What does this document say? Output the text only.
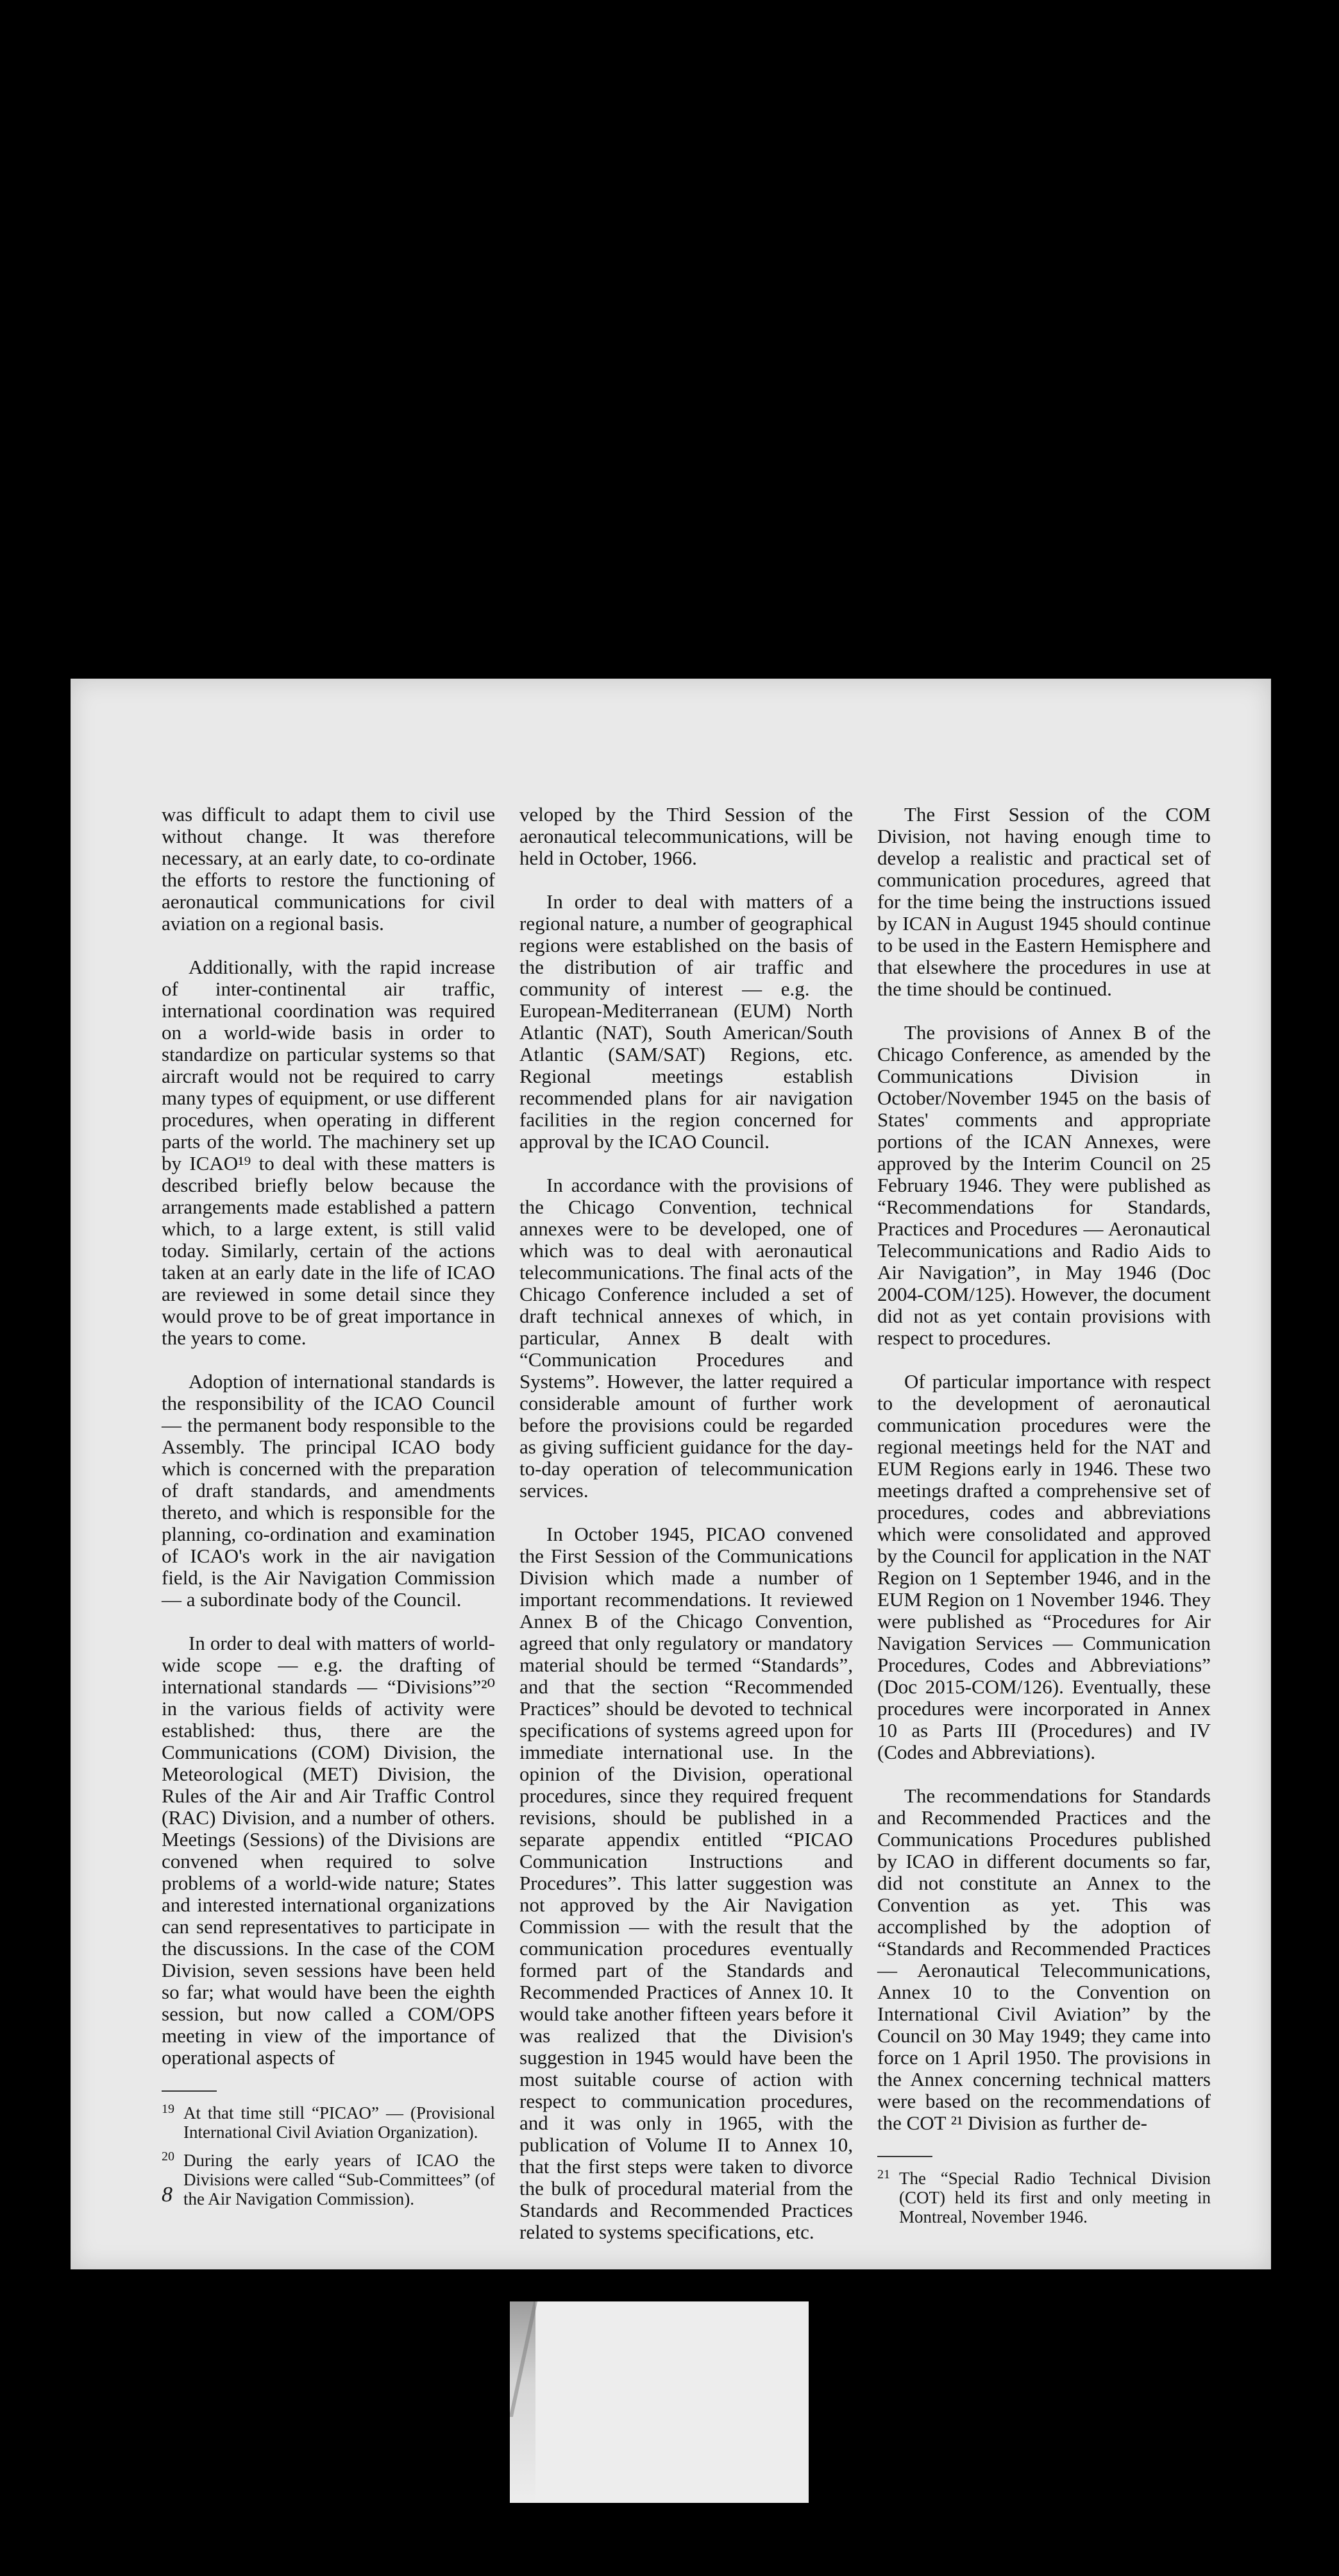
was difficult to adapt them to civil use without change. It was therefore necessary, at an early date, to co-ordinate the efforts to restore the functioning of aeronautical communications for civil aviation on a regional basis.

Additionally, with the rapid increase of inter-continental air traffic, international coordination was required on a world-wide basis in order to standardize on particular systems so that aircraft would not be required to carry many types of equipment, or use different procedures, when operating in different parts of the world. The machinery set up by ICAO¹⁹ to deal with these matters is described briefly below because the arrangements made established a pattern which, to a large extent, is still valid today. Similarly, certain of the actions taken at an early date in the life of ICAO are reviewed in some detail since they would prove to be of great importance in the years to come.

Adoption of international standards is the responsibility of the ICAO Council — the permanent body responsible to the Assembly. The principal ICAO body which is concerned with the preparation of draft standards, and amendments thereto, and which is responsible for the planning, co-ordination and examination of ICAO's work in the air navigation field, is the Air Navigation Commission — a subordinate body of the Council.

In order to deal with matters of world-wide scope — e.g. the drafting of international standards — “Divisions”²⁰ in the various fields of activity were established: thus, there are the Communications (COM) Division, the Meteorological (MET) Division, the Rules of the Air and Air Traffic Control (RAC) Division, and a number of others. Meetings (Sessions) of the Divisions are convened when required to solve problems of a world-wide nature; States and interested international organizations can send representatives to participate in the discussions. In the case of the COM Division, seven sessions have been held so far; what would have been the eighth session, but now called a COM/OPS meeting in view of the importance of operational aspects of

19 At that time still “PICAO” — (Provisional International Civil Aviation Organization).

20 During the early years of ICAO the Divisions were called “Sub-Committees” (of the Air Navigation Commission).

veloped by the Third Session of the aeronautical telecommunications, will be held in October, 1966.

In order to deal with matters of a regional nature, a number of geographical regions were established on the basis of the distribution of air traffic and community of interest — e.g. the European-Mediterranean (EUM) North Atlantic (NAT), South American/South Atlantic (SAM/SAT) Regions, etc. Regional meetings establish recommended plans for air navigation facilities in the region concerned for approval by the ICAO Council.

In accordance with the provisions of the Chicago Convention, technical annexes were to be developed, one of which was to deal with aeronautical telecommunications. The final acts of the Chicago Conference included a set of draft technical annexes of which, in particular, Annex B dealt with “Communication Procedures and Systems”. However, the latter required a considerable amount of further work before the provisions could be regarded as giving sufficient guidance for the day-to-day operation of telecommunication services.

In October 1945, PICAO convened the First Session of the Communications Division which made a number of important recommendations. It reviewed Annex B of the Chicago Convention, agreed that only regulatory or mandatory material should be termed “Standards”, and that the section “Recommended Practices” should be devoted to technical specifications of systems agreed upon for immediate international use. In the opinion of the Division, operational procedures, since they required frequent revisions, should be published in a separate appendix entitled “PICAO Communication Instructions and Procedures”. This latter suggestion was not approved by the Air Navigation Commission — with the result that the communication procedures eventually formed part of the Standards and Recommended Practices of Annex 10. It would take another fifteen years before it was realized that the Division's suggestion in 1945 would have been the most suitable course of action with respect to communication procedures, and it was only in 1965, with the publication of Volume II to Annex 10, that the first steps were taken to divorce the bulk of procedural material from the Standards and Recommended Practices related to systems specifications, etc.

The First Session of the COM Division, not having enough time to develop a realistic and practical set of communication procedures, agreed that for the time being the instructions issued by ICAN in August 1945 should continue to be used in the Eastern Hemisphere and that elsewhere the procedures in use at the time should be continued.

The provisions of Annex B of the Chicago Conference, as amended by the Communications Division in October/November 1945 on the basis of States' comments and appropriate portions of the ICAN Annexes, were approved by the Interim Council on 25 February 1946. They were published as “Recommendations for Standards, Practices and Procedures — Aeronautical Telecommunications and Radio Aids to Air Navigation”, in May 1946 (Doc 2004-COM/125). However, the document did not as yet contain provisions with respect to procedures.

Of particular importance with respect to the development of aeronautical communication procedures were the regional meetings held for the NAT and EUM Regions early in 1946. These two meetings drafted a comprehensive set of procedures, codes and abbreviations which were consolidated and approved by the Council for application in the NAT Region on 1 September 1946, and in the EUM Region on 1 November 1946. They were published as “Procedures for Air Navigation Services — Communication Procedures, Codes and Abbreviations” (Doc 2015-COM/126). Eventually, these procedures were incorporated in Annex 10 as Parts III (Procedures) and IV (Codes and Abbreviations).

The recommendations for Standards and Recommended Practices and the Communications Procedures published by ICAO in different documents so far, did not constitute an Annex to the Convention as yet. This was accomplished by the adoption of “Standards and Recommended Practices — Aeronautical Telecommunications, Annex 10 to the Convention on International Civil Aviation” by the Council on 30 May 1949; they came into force on 1 April 1950. The provisions in the Annex concerning technical matters were based on the recommendations of the COT ²¹ Division as further de-

21 The “Special Radio Technical Division (COT) held its first and only meeting in Montreal, November 1946.

8
